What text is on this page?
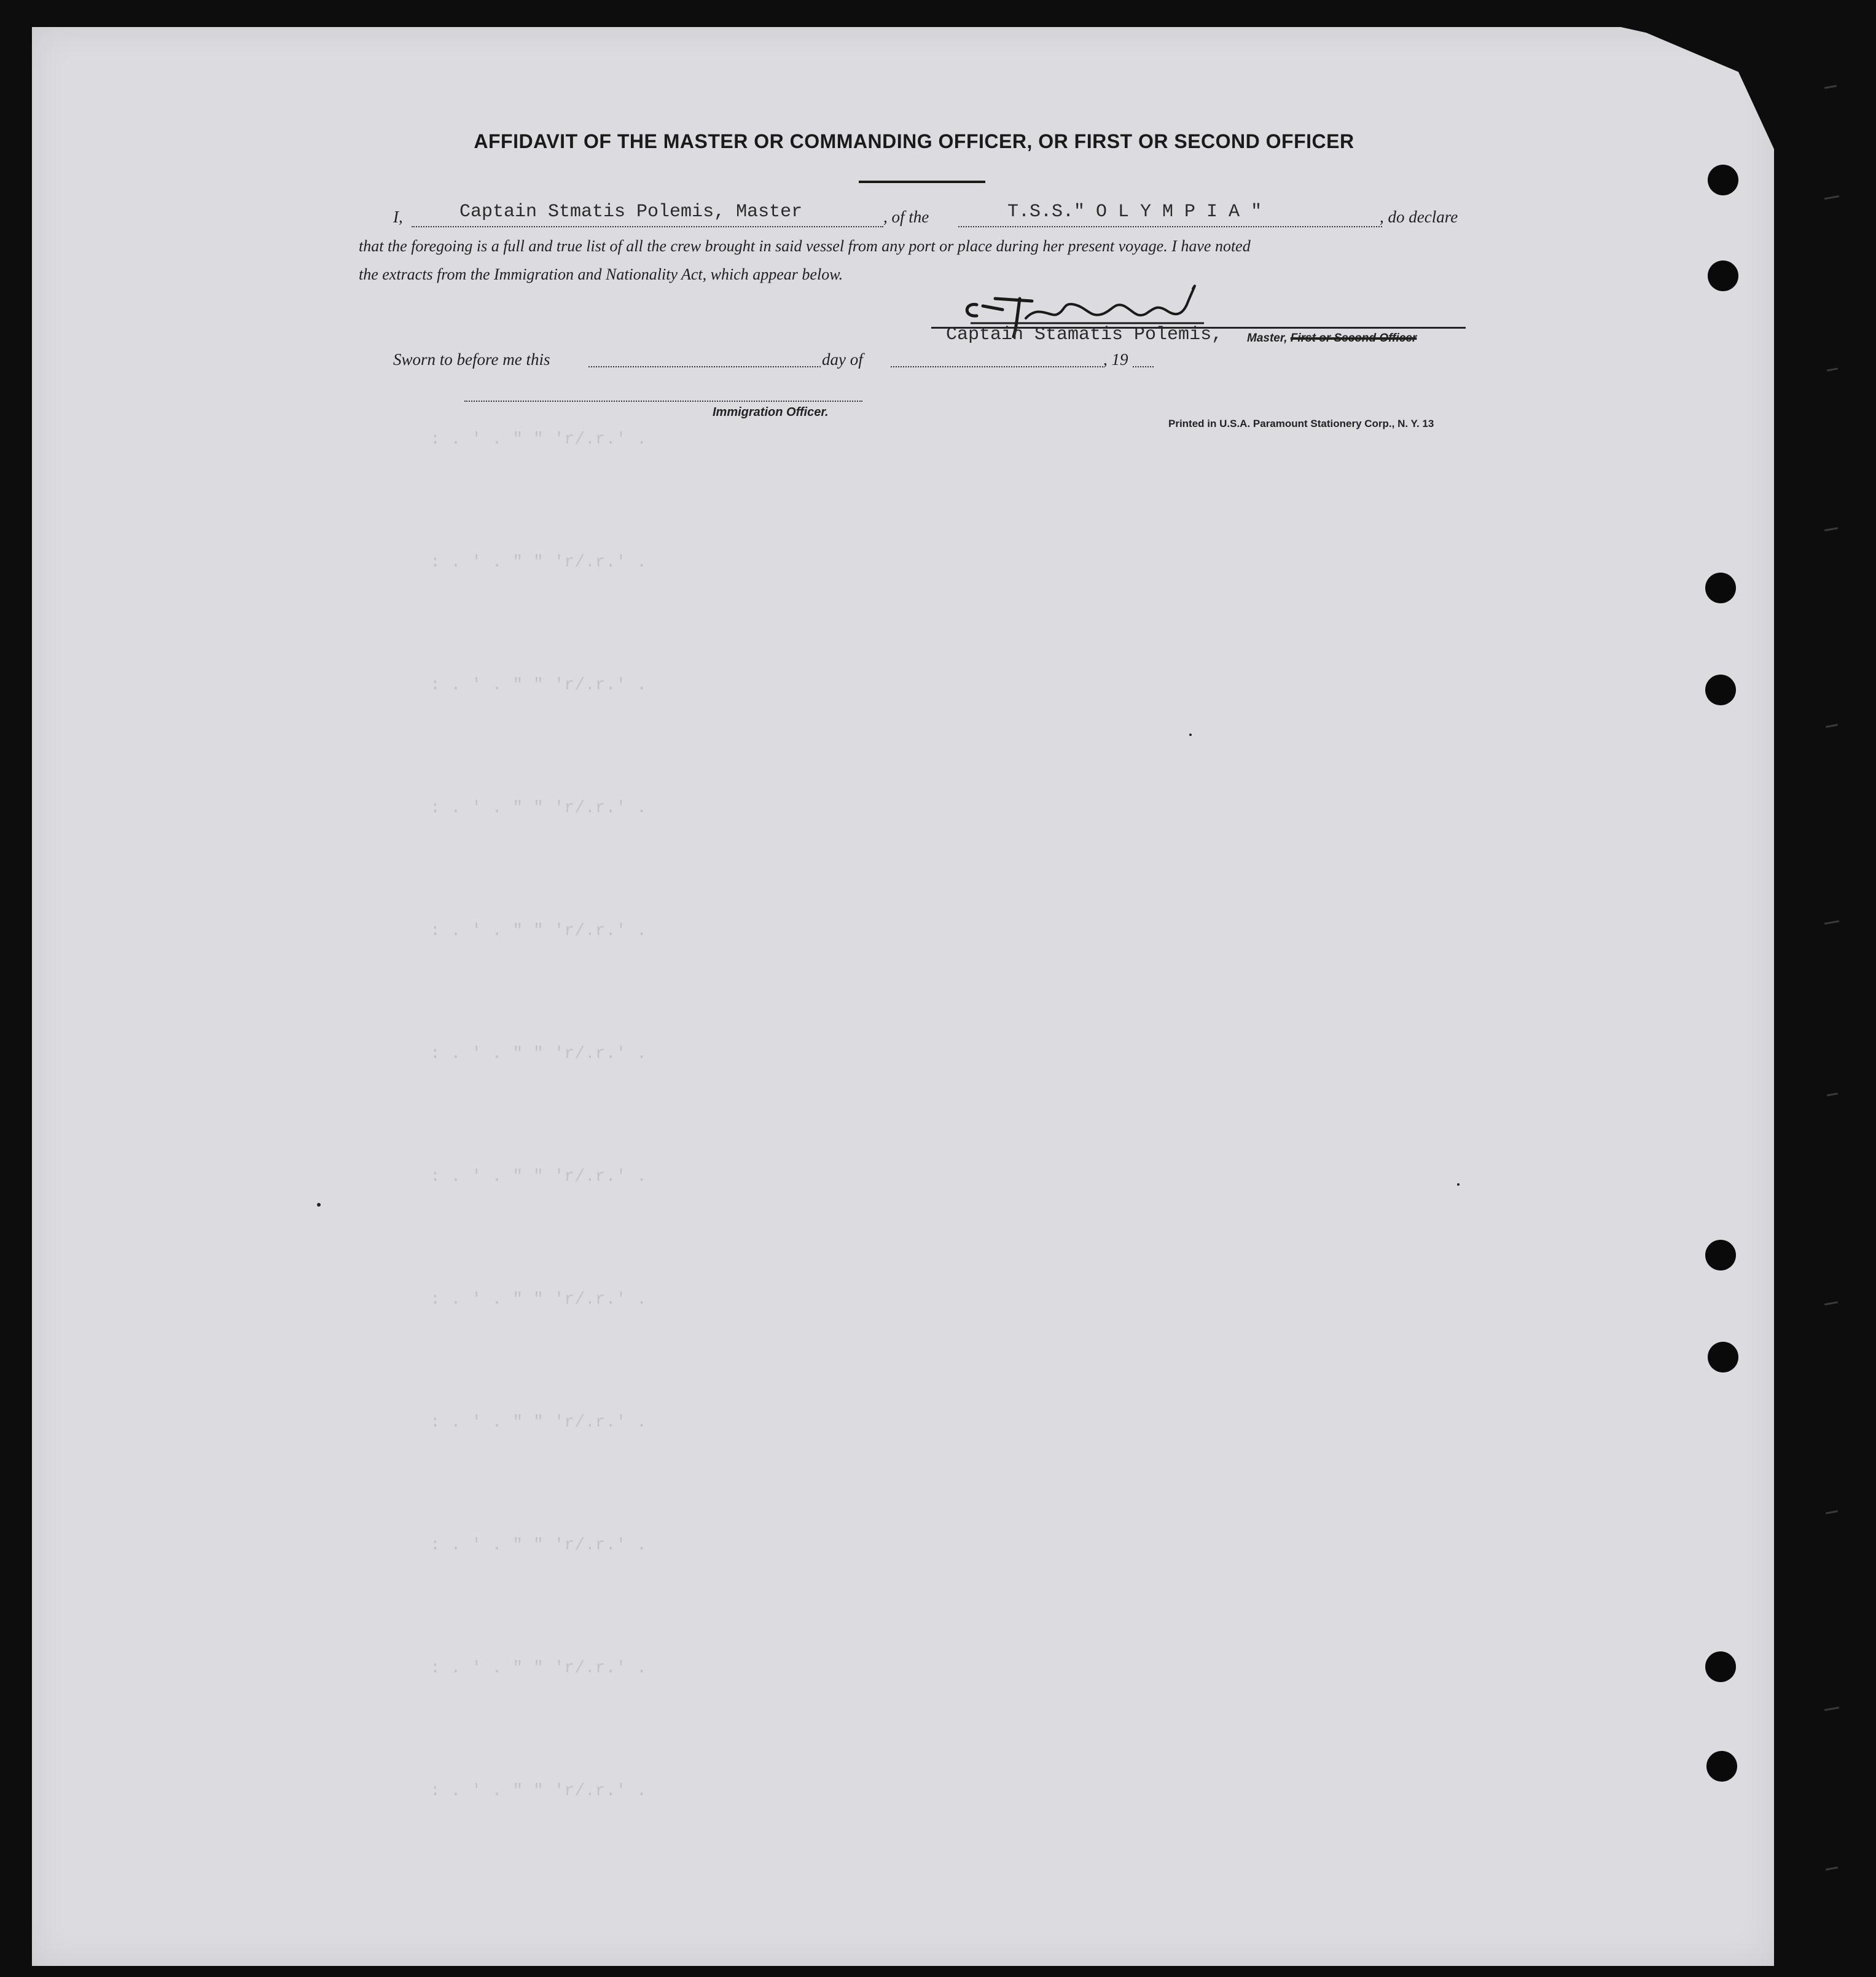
: . ' . " " 'r/.r.' .
: . ' . " " 'r/.r.' .
: . ' . " " 'r/.r.' .
: . ' . " " 'r/.r.' .
: . ' . " " 'r/.r.' .
: . ' . " " 'r/.r.' .
: . ' . " " 'r/.r.' .
: . ' . " " 'r/.r.' .
: . ' . " " 'r/.r.' .
: . ' . " " 'r/.r.' .
: . ' . " " 'r/.r.' .
: . ' . " " 'r/.r.' .
AFFIDAVIT OF THE MASTER OR COMMANDING OFFICER, OR FIRST OR SECOND OFFICER
I,	Captain Stmatis Polemis, Master	, of the	T.S.S." O L Y M P I A "	, do declare
that the foregoing is a full and true list of all the crew brought in said vessel from any port or place during her present voyage. I have noted
the extracts from the Immigration and Nationality Act, which appear below.
Captain Stamatis Polemis, Master, First or Second Officer
Sworn to before me this	day of	, 19
Immigration Officer.
Printed in U.S.A. Paramount Stationery Corp., N. Y. 13
